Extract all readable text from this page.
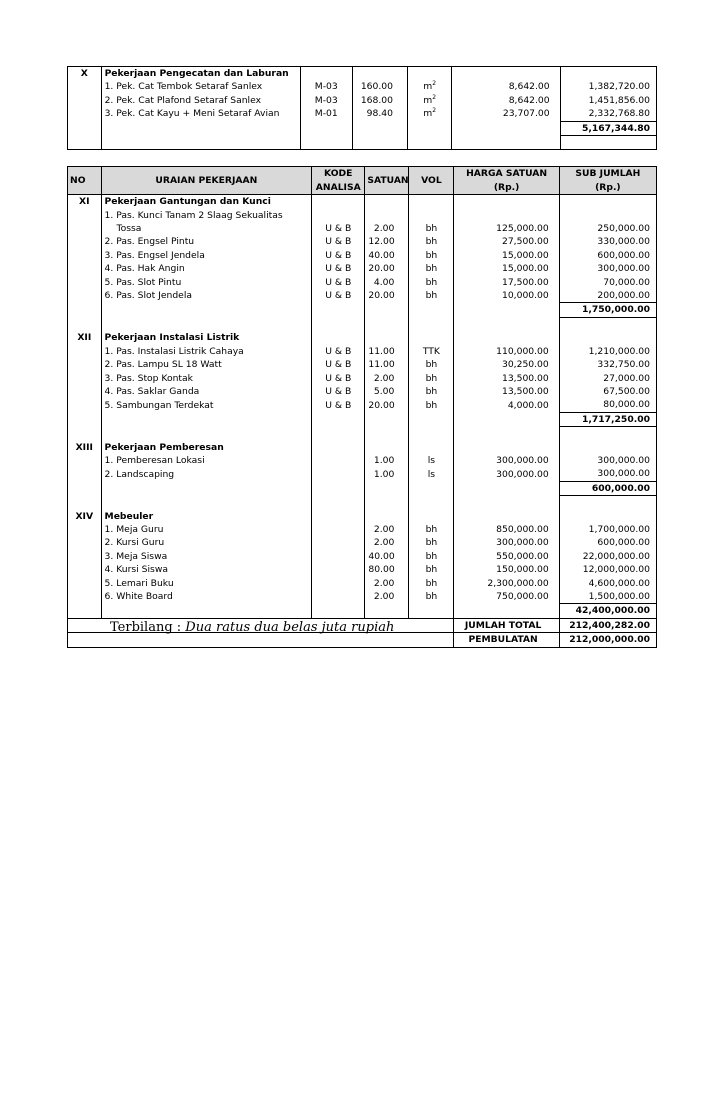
X	Pekerjaan Pengecatan dan Laburan					
	1. Pek. Cat Tembok Setaraf Sanlex	M-03	160.00	$m^2$	8,642.00	1,382,720.00
	2. Pek. Cat Plafond Setaraf Sanlex	M-03	168.00	$m^2$	8,642.00	1,451,856.00
	3. Pek. Cat Kayu + Meni Setaraf Avian	M-01	98.40	$m^2$	23,707.00	2,332,768.80
						5,167,344.80

NO	URAIAN PEKERJAAN	KODE	SATUAN	VOL	HARGA SATUAN	SUB JUMLAH
		ANALISA			(Rp.)	(Rp.)
XI	Pekerjaan Gantungan dan Kunci					
	1. Pas. Kunci Tanam 2 Slaag Sekualitas					
	Tossa	U & B	2.00	bh	125,000.00	250,000.00
	2. Pas. Engsel Pintu	U & B	12.00	bh	27,500.00	330,000.00
	3. Pas. Engsel Jendela	U & B	40.00	bh	15,000.00	600,000.00
	4. Pas. Hak Angin	U & B	20.00	bh	15,000.00	300,000.00
	5. Pas. Slot Pintu	U & B	4.00	bh	17,500.00	70,000.00
	6. Pas. Slot Jendela	U & B	20.00	bh	10,000.00	200,000.00
						1,750,000.00

XII	Pekerjaan Instalasi Listrik					
	1. Pas. Instalasi Listrik Cahaya	U & B	11.00	TTK	110,000.00	1,210,000.00
	2. Pas. Lampu SL 18 Watt	U & B	11.00	bh	30,250.00	332,750.00
	3. Pas. Stop Kontak	U & B	2.00	bh	13,500.00	27,000.00
	4. Pas. Saklar Ganda	U & B	5.00	bh	13,500.00	67,500.00
	5. Sambungan Terdekat	U & B	20.00	bh	4,000.00	80,000.00
						1,717,250.00

XIII	Pekerjaan Pemberesan					
	1. Pemberesan Lokasi		1.00	ls	300,000.00	300,000.00
	2. Landscaping		1.00	ls	300,000.00	300,000.00
						600,000.00

XIV	Mebeuler					
	1. Meja Guru		2.00	bh	850,000.00	1,700,000.00
	2. Kursi Guru		2.00	bh	300,000.00	600,000.00
	3. Meja Siswa		40.00	bh	550,000.00	22,000,000.00
	4. Kursi Siswa		80.00	bh	150,000.00	12,000,000.00
	5. Lemari Buku		2.00	bh	2,300,000.00	4,600,000.00
	6. White Board		2.00	bh	750,000.00	1,500,000.00
						42,400,000.00
					JUMLAH TOTAL	212,400,282.00
					PEMBULATAN	212,000,000.00
Terbilang : Dua ratus dua belas juta rupiah
